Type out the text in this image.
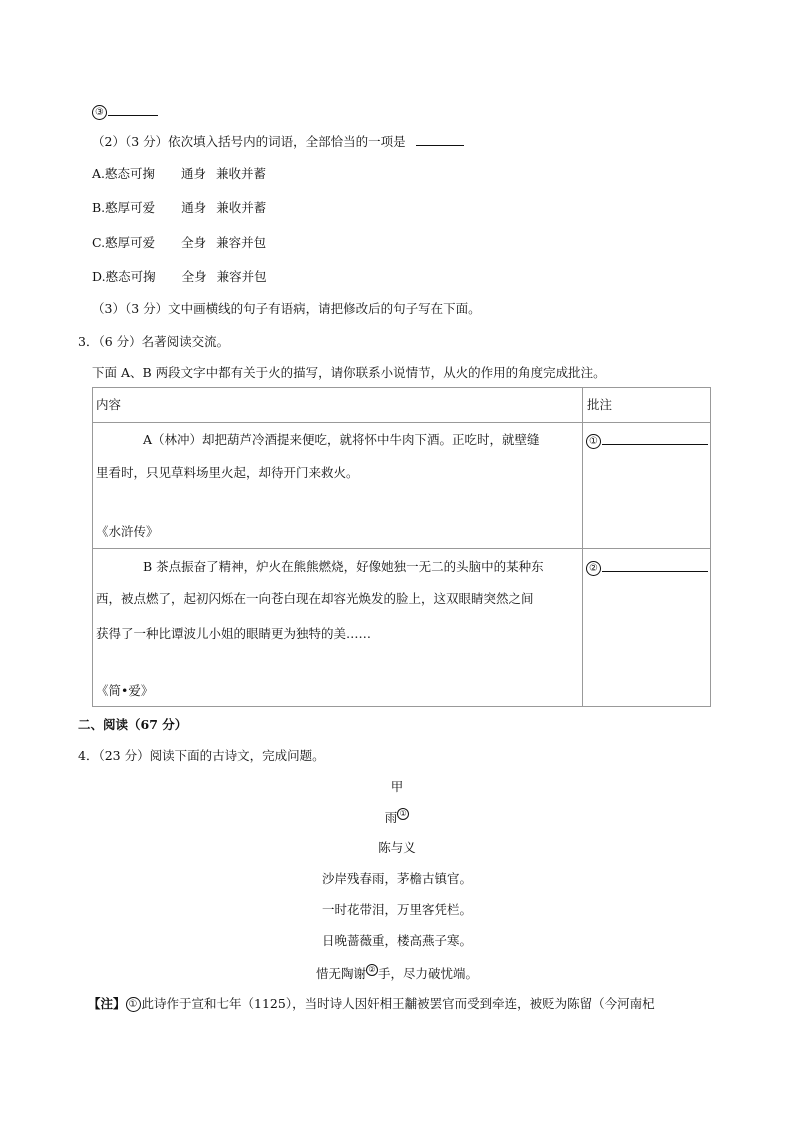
③
（2）（3 分）依次填入括号内的词语，全部恰当的一项是
A.憨态可掬 通身 兼收并蓄
B.憨厚可爱 通身 兼收并蓄
C.憨厚可爱 全身 兼容并包
D.憨态可掬 全身 兼容并包
（3）（3 分）文中画横线的句子有语病，请把修改后的句子写在下面。
3．（6 分）名著阅读交流。
下面 A、B 两段文字中都有关于火的描写，请你联系小说情节，从火的作用的角度完成批注。
内容	批注
A（林冲）却把葫芦冷酒提来便吃，就将怀中牛肉下酒。正吃时，就壁缝
里看时，只见草料场里火起，却待开门来救火。
《水浒传》
①
B 茶点振奋了精神，炉火在熊熊燃烧，好像她独一无二的头脑中的某种东
西，被点燃了，起初闪烁在一向苍白现在却容光焕发的脸上，这双眼睛突然之间
获得了一种比谭波儿小姐的眼睛更为独特的美……
《简•爱》
②
二、阅读（67 分）
4．（23 分）阅读下面的古诗文，完成问题。
甲
雨 ①
陈与义
沙岸残春雨，茅檐古镇官。
一时花带泪，万里客凭栏。
日晚蔷薇重，楼高燕子寒。
惜无陶谢 ② 手，尽力破忧端。
【注】 ① 此诗作于宣和七年（1125），当时诗人因奸相王黼被罢官而受到牵连，被贬为陈留（今河南杞
